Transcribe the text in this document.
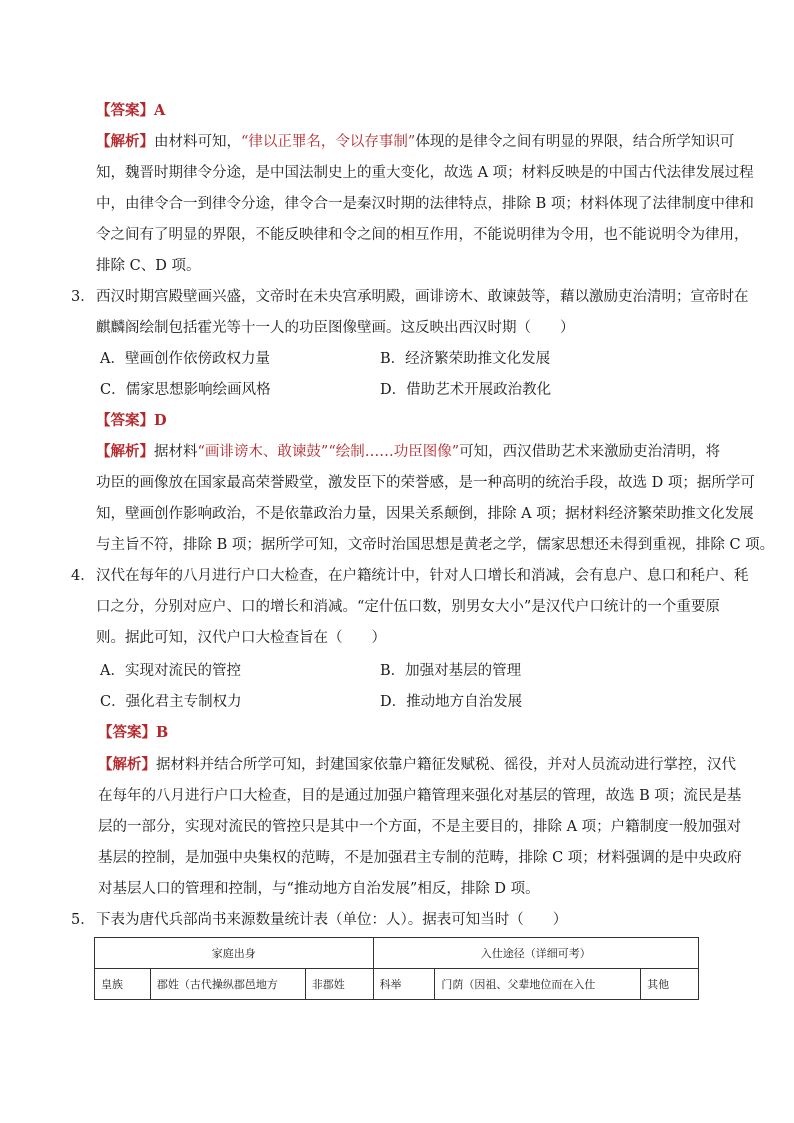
【答案】A
【解析】由材料可知，“律以正罪名，令以存事制”体现的是律令之间有明显的界限，结合所学知识可
知，魏晋时期律令分途，是中国法制史上的重大变化，故选 A 项；材料反映是的中国古代法律发展过程
中，由律令合一到律令分途，律令合一是秦汉时期的法律特点，排除 B 项；材料体现了法律制度中律和
令之间有了明显的界限，不能反映律和令之间的相互作用，不能说明律为令用，也不能说明令为律用，
排除 C、D 项。
3． 西汉时期宫殿壁画兴盛，文帝时在未央宫承明殿，画诽谤木、敢谏鼓等，藉以激励吏治清明；宣帝时在
麒麟阁绘制包括霍光等十一人的功臣图像壁画。这反映出西汉时期（　　）
A．壁画创作依傍政权力量	B．经济繁荣助推文化发展
C．儒家思想影响绘画风格	D．借助艺术开展政治教化
【答案】D
【解析】据材料“画诽谤木、敢谏鼓”“绘制……功臣图像”可知，西汉借助艺术来激励吏治清明，将
功臣的画像放在国家最高荣誉殿堂，激发臣下的荣誉感，是一种高明的统治手段，故选 D 项；据所学可
知，壁画创作影响政治，不是依靠政治力量，因果关系颠倒，排除 A 项；据材料经济繁荣助推文化发展
与主旨不符，排除 B 项；据所学可知，文帝时治国思想是黄老之学，儒家思想还未得到重视，排除 C 项。
4． 汉代在每年的八月进行户口大检查，在户籍统计中，针对人口增长和消减，会有息户、息口和秏户、秏
口之分，分别对应户、口的增长和消减。“定什伍口数，别男女大小”是汉代户口统计的一个重要原
则。据此可知，汉代户口大检查旨在（　　）
A．实现对流民的管控	B．加强对基层的管理
C．强化君主专制权力	D．推动地方自治发展
【答案】B
【解析】据材料并结合所学可知，封建国家依靠户籍征发赋税、徭役，并对人员流动进行掌控，汉代
在每年的八月进行户口大检查，目的是通过加强户籍管理来强化对基层的管理，故选 B 项；流民是基
层的一部分，实现对流民的管控只是其中一个方面，不是主要目的，排除 A 项；户籍制度一般加强对
基层的控制，是加强中央集权的范畴，不是加强君主专制的范畴，排除 C 项；材料强调的是中央政府
对基层人口的管理和控制，与“推动地方自治发展”相反，排除 D 项。
5． 下表为唐代兵部尚书来源数量统计表（单位：人）。据表可知当时（　　）
家庭出身			入仕途径（详细可考）		
皇族	郡姓（古代操纵郡邑地方	非郡姓	科举	门荫（因祖、父辈地位而在入仕	其他
